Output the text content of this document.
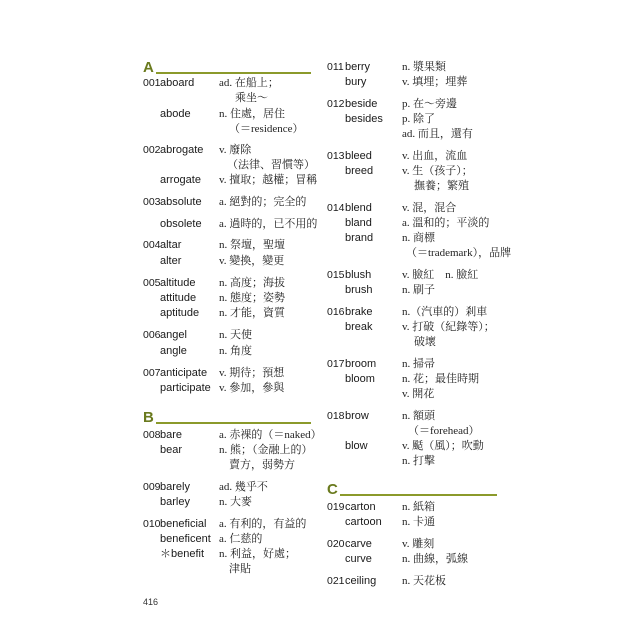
A
001 aboard ad. 在船上；
乘坐～
abode	n. 住處，居住
（＝residence）
002 abrogate v. 廢除
（法律、習慣等）
arrogate v. 擅取；越權；冒稱
003 absolute a. 絕對的；完全的
obsolete a. 過時的，已不用的
004 altar	n. 祭壇，聖壇
alter	v. 變換，變更
005 altitude n. 高度；海拔
attitude n. 態度；姿勢
aptitude n. 才能，資質
006 angel	n. 天使
angle	n. 角度
007 anticipate v. 期待；預想
participate v. 參加，參與
B
008 bare	a. 赤裸的（＝naked）
bear	n. 熊；（金融上的）
賣方，弱勢方
009 barely	ad. 幾乎不
barley	n. 大麥
010 beneficial a. 有利的，有益的
beneficent a. 仁慈的
＊benefit n. 利益，好處；
津貼
416
011 berry	n. 漿果類
bury	v. 填埋；埋葬
012 beside p. 在～旁邊
besides p. 除了
ad. 而且，還有
013 bleed	v. 出血，流血
breed	v. 生（孩子）；
撫養；繁殖
014 blend	v. 混，混合
bland	a. 溫和的；平淡的
brand	n. 商標
（＝trademark），品牌
015 blush	v. 臉紅　n. 臉紅
brush	n. 刷子
016 brake	n.（汽車的）剎車
break	v. 打破（紀錄等）；
破壞
017 broom n. 掃帚
bloom n. 花；最佳時期
v. 開花
018 brow	n. 額頭
（＝forehead）
blow	v. 颳（風）；吹動
n. 打擊
C
019 carton n. 紙箱
cartoon n. 卡通
020 carve	v. 雕刻
curve	n. 曲線，弧線
021 ceiling n. 天花板
